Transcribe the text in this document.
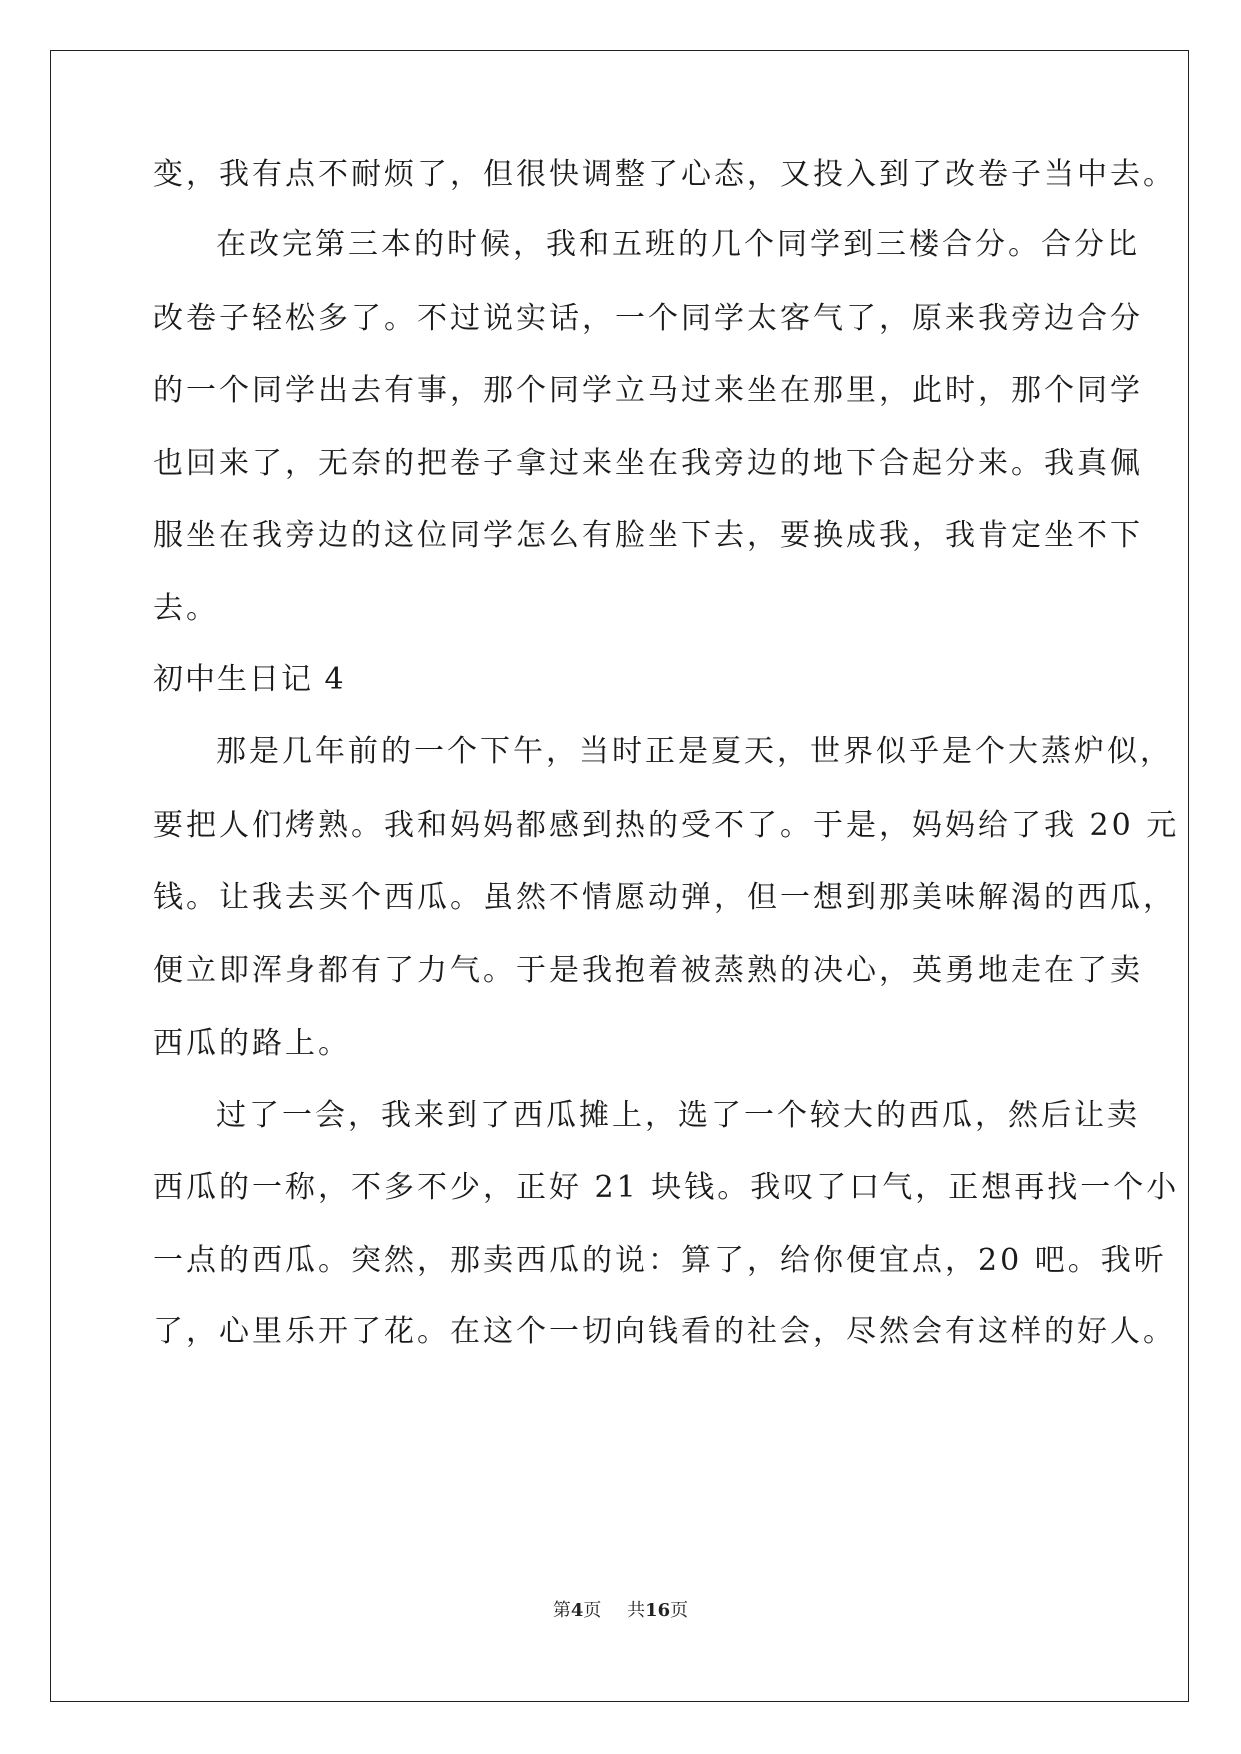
变，我有点不耐烦了，但很快调整了心态，又投入到了改卷子当中去。
在改完第三本的时候，我和五班的几个同学到三楼合分。合分比
改卷子轻松多了。不过说实话，一个同学太客气了，原来我旁边合分
的一个同学出去有事，那个同学立马过来坐在那里，此时，那个同学
也回来了，无奈的把卷子拿过来坐在我旁边的地下合起分来。我真佩
服坐在我旁边的这位同学怎么有脸坐下去，要换成我，我肯定坐不下
去。
初中生日记 4
那是几年前的一个下午，当时正是夏天，世界似乎是个大蒸炉似，
要把人们烤熟。我和妈妈都感到热的受不了。于是，妈妈给了我 20 元
钱。让我去买个西瓜。虽然不情愿动弹，但一想到那美味解渴的西瓜，
便立即浑身都有了力气。于是我抱着被蒸熟的决心，英勇地走在了卖
西瓜的路上。
过了一会，我来到了西瓜摊上，选了一个较大的西瓜，然后让卖
西瓜的一称，不多不少，正好 21 块钱。我叹了口气，正想再找一个小
一点的西瓜。突然，那卖西瓜的说：算了，给你便宜点，20 吧。我听
了，心里乐开了花。在这个一切向钱看的社会，尽然会有这样的好人。
第4页 共16页
